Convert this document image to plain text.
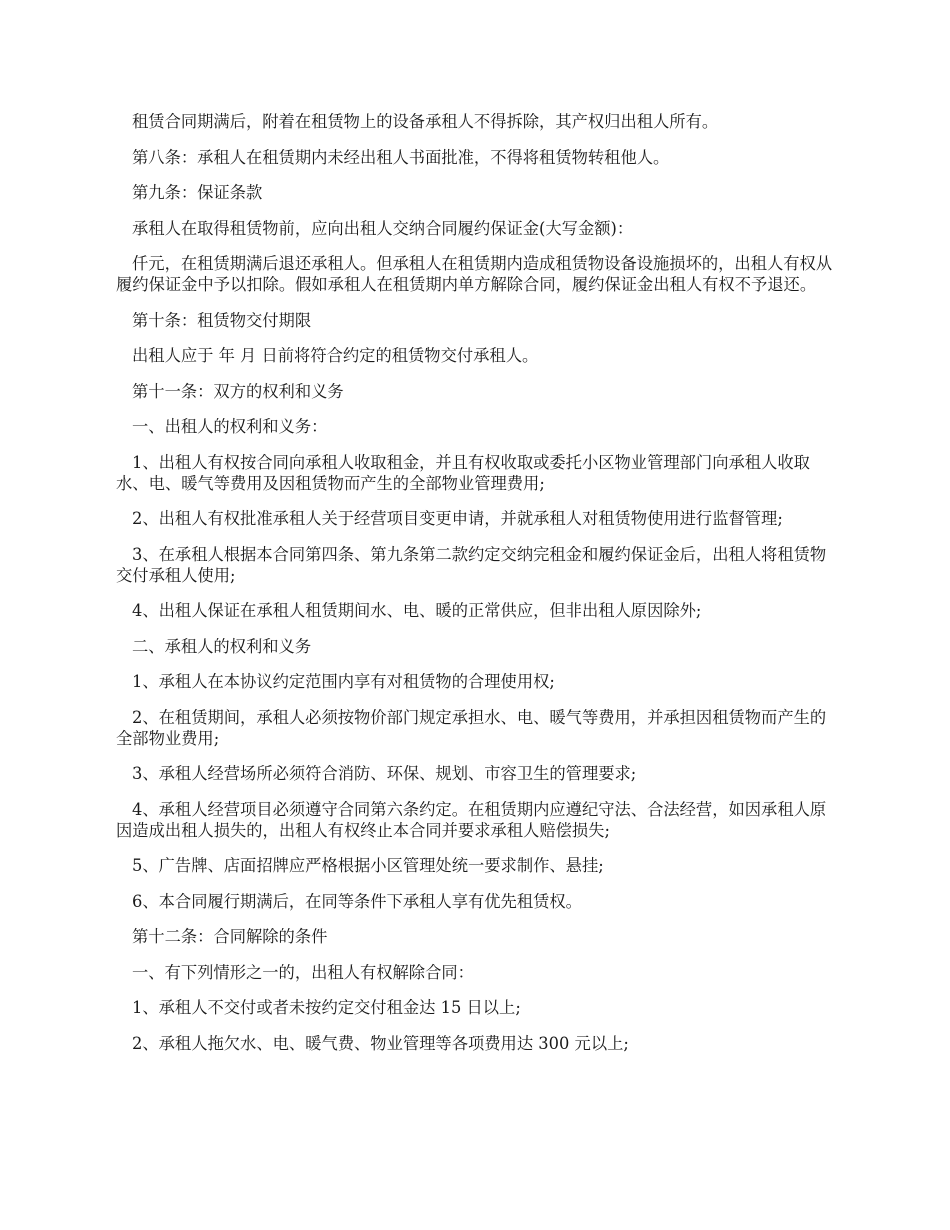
租赁合同期满后，附着在租赁物上的设备承租人不得拆除，其产权归出租人所有。

第八条：承租人在租赁期内未经出租人书面批准，不得将租赁物转租他人。

第九条：保证条款

承租人在取得租赁物前，应向出租人交纳合同履约保证金(大写金额)：

仟元，在租赁期满后退还承租人。但承租人在租赁期内造成租赁物设备设施损坏的，出租人有权从履约保证金中予以扣除。假如承租人在租赁期内单方解除合同，履约保证金出租人有权不予退还。

第十条：租赁物交付期限

出租人应于 年 月 日前将符合约定的租赁物交付承租人。

第十一条：双方的权利和义务

一、出租人的权利和义务：

1、出租人有权按合同向承租人收取租金，并且有权收取或委托小区物业管理部门向承租人收取水、电、暖气等费用及因租赁物而产生的全部物业管理费用;

2、出租人有权批准承租人关于经营项目变更申请，并就承租人对租赁物使用进行监督管理;

3、在承租人根据本合同第四条、第九条第二款约定交纳完租金和履约保证金后，出租人将租赁物交付承租人使用;

4、出租人保证在承租人租赁期间水、电、暖的正常供应，但非出租人原因除外;

二、承租人的权利和义务

1、承租人在本协议约定范围内享有对租赁物的合理使用权;

2、在租赁期间，承租人必须按物价部门规定承担水、电、暖气等费用，并承担因租赁物而产生的全部物业费用;

3、承租人经营场所必须符合消防、环保、规划、市容卫生的管理要求;

4、承租人经营项目必须遵守合同第六条约定。在租赁期内应遵纪守法、合法经营，如因承租人原因造成出租人损失的，出租人有权终止本合同并要求承租人赔偿损失;

5、广告牌、店面招牌应严格根据小区管理处统一要求制作、悬挂;

6、本合同履行期满后，在同等条件下承租人享有优先租赁权。

第十二条：合同解除的条件

一、有下列情形之一的，出租人有权解除合同：

1、承租人不交付或者未按约定交付租金达 15 日以上;

2、承租人拖欠水、电、暖气费、物业管理等各项费用达 300 元以上;
